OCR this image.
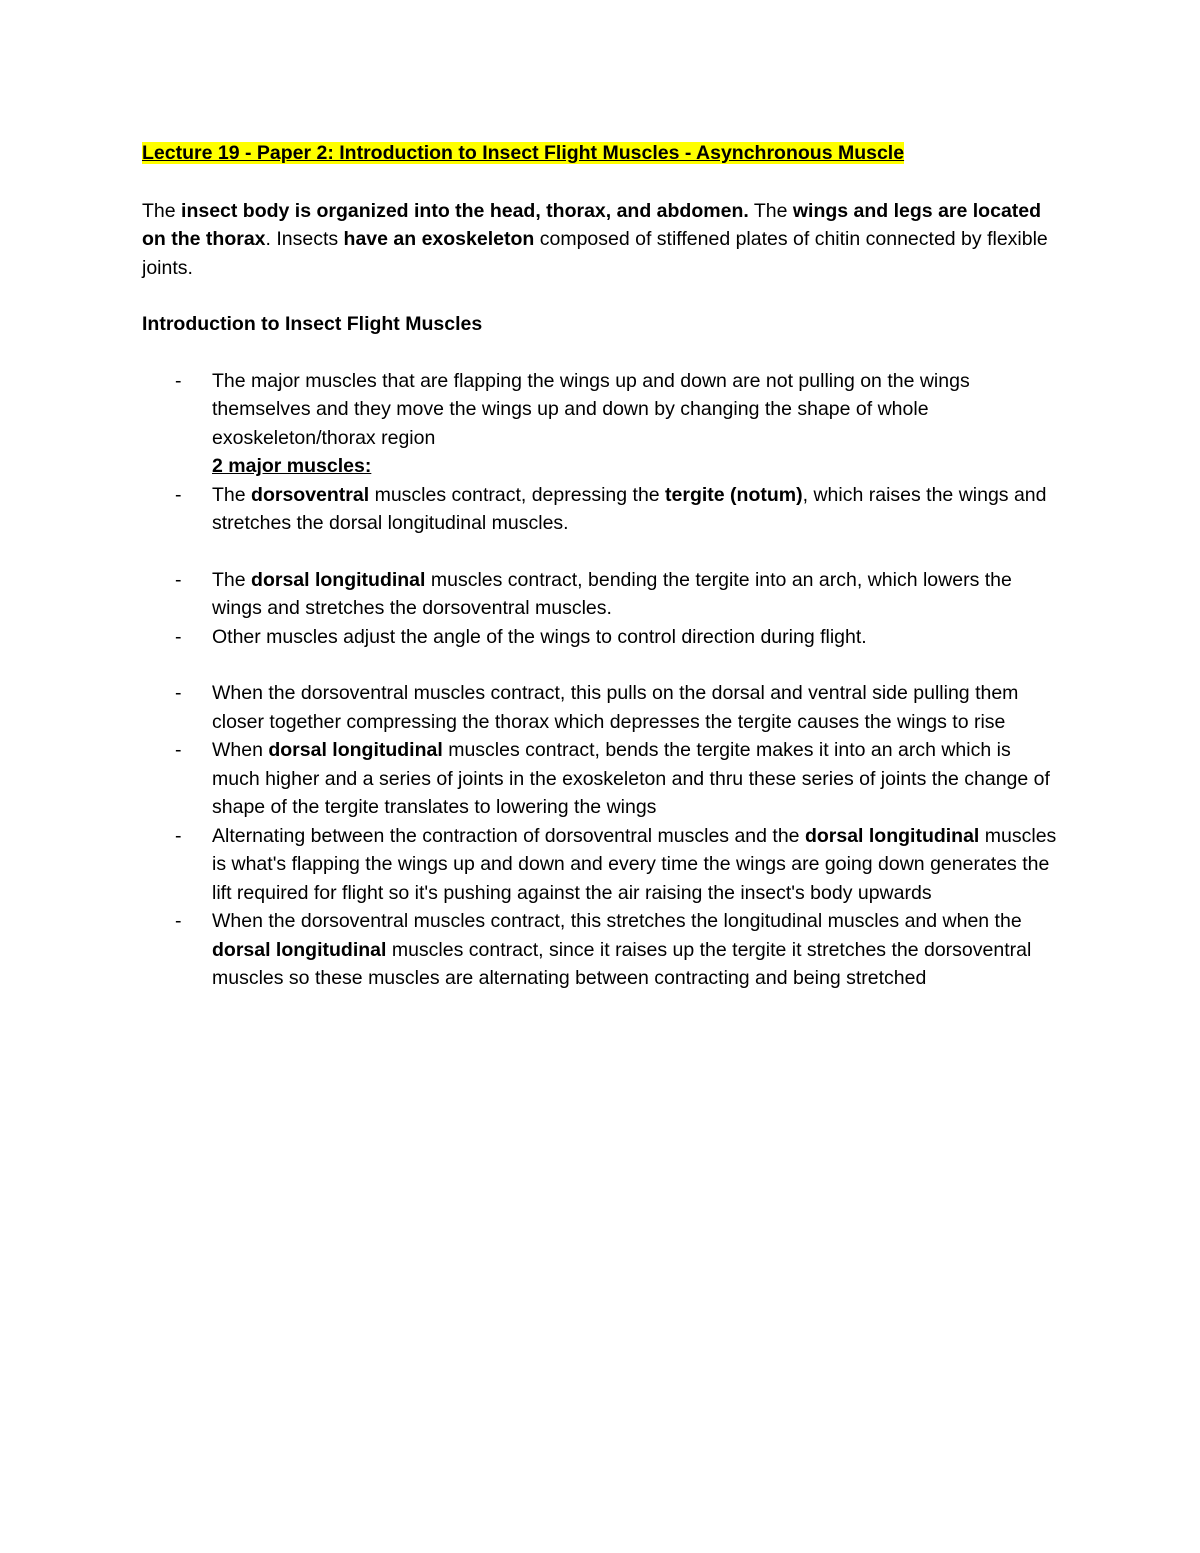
Lecture 19 - Paper 2: Introduction to Insect Flight Muscles - Asynchronous Muscle

The insect body is organized into the head, thorax, and abdomen. The wings and legs are located on the thorax. Insects have an exoskeleton composed of stiffened plates of chitin connected by flexible joints.

Introduction to Insect Flight Muscles

- The major muscles that are flapping the wings up and down are not pulling on the wings themselves and they move the wings up and down by changing the shape of whole exoskeleton/thorax region
2 major muscles:
- The dorsoventral muscles contract, depressing the tergite (notum), which raises the wings and stretches the dorsal longitudinal muscles.
- The dorsal longitudinal muscles contract, bending the tergite into an arch, which lowers the wings and stretches the dorsoventral muscles.
- Other muscles adjust the angle of the wings to control direction during flight.
- When the dorsoventral muscles contract, this pulls on the dorsal and ventral side pulling them closer together compressing the thorax which depresses the tergite causes the wings to rise
- When dorsal longitudinal muscles contract, bends the tergite makes it into an arch which is much higher and a series of joints in the exoskeleton and thru these series of joints the change of shape of the tergite translates to lowering the wings
- Alternating between the contraction of dorsoventral muscles and the dorsal longitudinal muscles is what's flapping the wings up and down and every time the wings are going down generates the lift required for flight so it's pushing against the air raising the insect's body upwards
- When the dorsoventral muscles contract, this stretches the longitudinal muscles and when the dorsal longitudinal muscles contract, since it raises up the tergite it stretches the dorsoventral muscles so these muscles are alternating between contracting and being stretched
